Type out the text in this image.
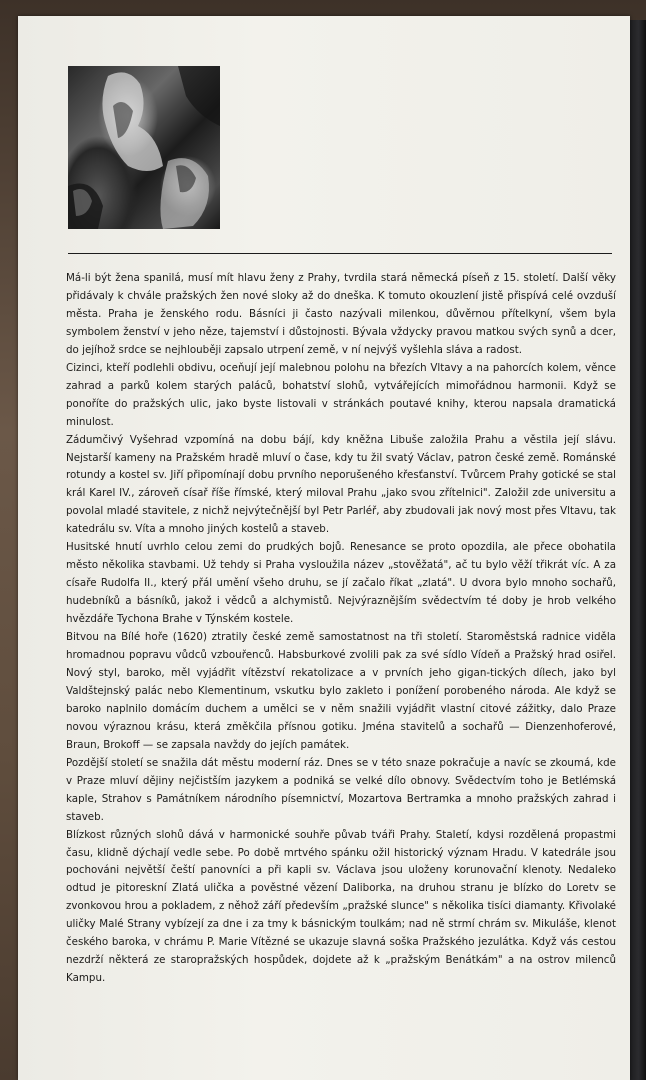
Má-li být žena spanilá, musí mít hlavu ženy z Prahy, tvrdila stará německá píseň z 15. století. Další věky přidávaly k chvále pražských žen nové sloky až do dneška. K tomuto okouzlení jistě přispívá celé ovzduší města. Praha je ženského rodu. Básníci ji často nazývali milenkou, důvěrnou přítelkyní, všem byla symbolem ženství v jeho něze, tajemství i důstojnosti. Bývala vždycky pravou matkou svých synů a dcer, do jejíhož srdce se nejhlouběji zapsalo utrpení země, v ní nejvýš vyšlehla sláva a radost.

Cizinci, kteří podlehli obdivu, oceňují její malebnou polohu na březích Vltavy a na pahorcích kolem, věnce zahrad a parků kolem starých paláců, bohatství slohů, vytvářejících mimořádnou harmonii. Když se ponoříte do pražských ulic, jako byste listovali v stránkách poutavé knihy, kterou napsala dramatická minulost.

Zádumčivý Vyšehrad vzpomíná na dobu bájí, kdy kněžna Libuše založila Prahu a věstila její slávu. Nejstarší kameny na Pražském hradě mluví o čase, kdy tu žil svatý Václav, patron české země. Románské rotundy a kostel sv. Jiří připomínají dobu prvního neporušeného křesťanství. Tvůrcem Prahy gotické se stal král Karel IV., zároveň císař říše římské, který miloval Prahu „jako svou zřítelnici". Založil zde universitu a povolal mladé stavitele, z nichž nejvýtečnější byl Petr Parléř, aby zbudovali jak nový most přes Vltavu, tak katedrálu sv. Víta a mnoho jiných kostelů a staveb.

Husitské hnutí uvrhlo celou zemi do prudkých bojů. Renesance se proto opozdila, ale přece obohatila město několika stavbami. Už tehdy si Praha vysloužila název „stověžatá", ač tu bylo věží třikrát víc. A za císaře Rudolfa II., který přál umění všeho druhu, se jí začalo říkat „zlatá". U dvora bylo mnoho sochařů, hudebníků a básníků, jakož i vědců a alchymistů. Nejvýraznějším svědectvím té doby je hrob velkého hvězdáře Tychona Brahe v Týnském kostele.

Bitvou na Bílé hoře (1620) ztratily české země samostatnost na tři století. Staroměstská radnice viděla hromadnou popravu vůdců vzbouřenců. Habsburkové zvolili pak za své sídlo Vídeň a Pražský hrad osiřel. Nový styl, baroko, měl vyjádřit vítězství rekatolizace a v prvních jeho gigan-tických dílech, jako byl Valdštejnský palác nebo Klementinum, vskutku bylo zakleto i ponížení porobeného národa. Ale když se baroko naplnilo domácím duchem a umělci se v něm snažili vyjádřit vlastní citové zážitky, dalo Praze novou výraznou krásu, která změkčila přísnou gotiku. Jména stavitelů a sochařů — Dienzenhoferové, Braun, Brokoff — se zapsala navždy do jejích památek.

Pozdější století se snažila dát městu moderní ráz. Dnes se v této snaze pokračuje a navíc se zkoumá, kde v Praze mluví dějiny nejčistším jazykem a podniká se velké dílo obnovy. Svědectvím toho je Betlémská kaple, Strahov s Památníkem národního písemnictví, Mozartova Bertramka a mnoho pražských zahrad i staveb.

Blízkost různých slohů dává v harmonické souhře půvab tváři Prahy. Staletí, kdysi rozdělená propastmi času, klidně dýchají vedle sebe. Po době mrtvého spánku ožil historický význam Hradu. V katedrále jsou pochováni největší čeští panovníci a při kapli sv. Václava jsou uloženy korunovační klenoty. Nedaleko odtud je pitoreskní Zlatá ulička a pověstné vězení Daliborka, na druhou stranu je blízko do Loretv se zvonkovou hrou a pokladem, z něhož září především „pražské slunce" s několika tisíci diamanty. Křivolaké uličky Malé Strany vybízejí za dne i za tmy k básnickým toulkám; nad ně strmí chrám sv. Mikuláše, klenot českého baroka, v chrámu P. Marie Vítězné se ukazuje slavná soška Pražského jezulátka. Když vás cestou nezdrží některá ze staropražských hospůdek, dojdete až k „pražským Benátkám" a na ostrov milenců Kampu.
